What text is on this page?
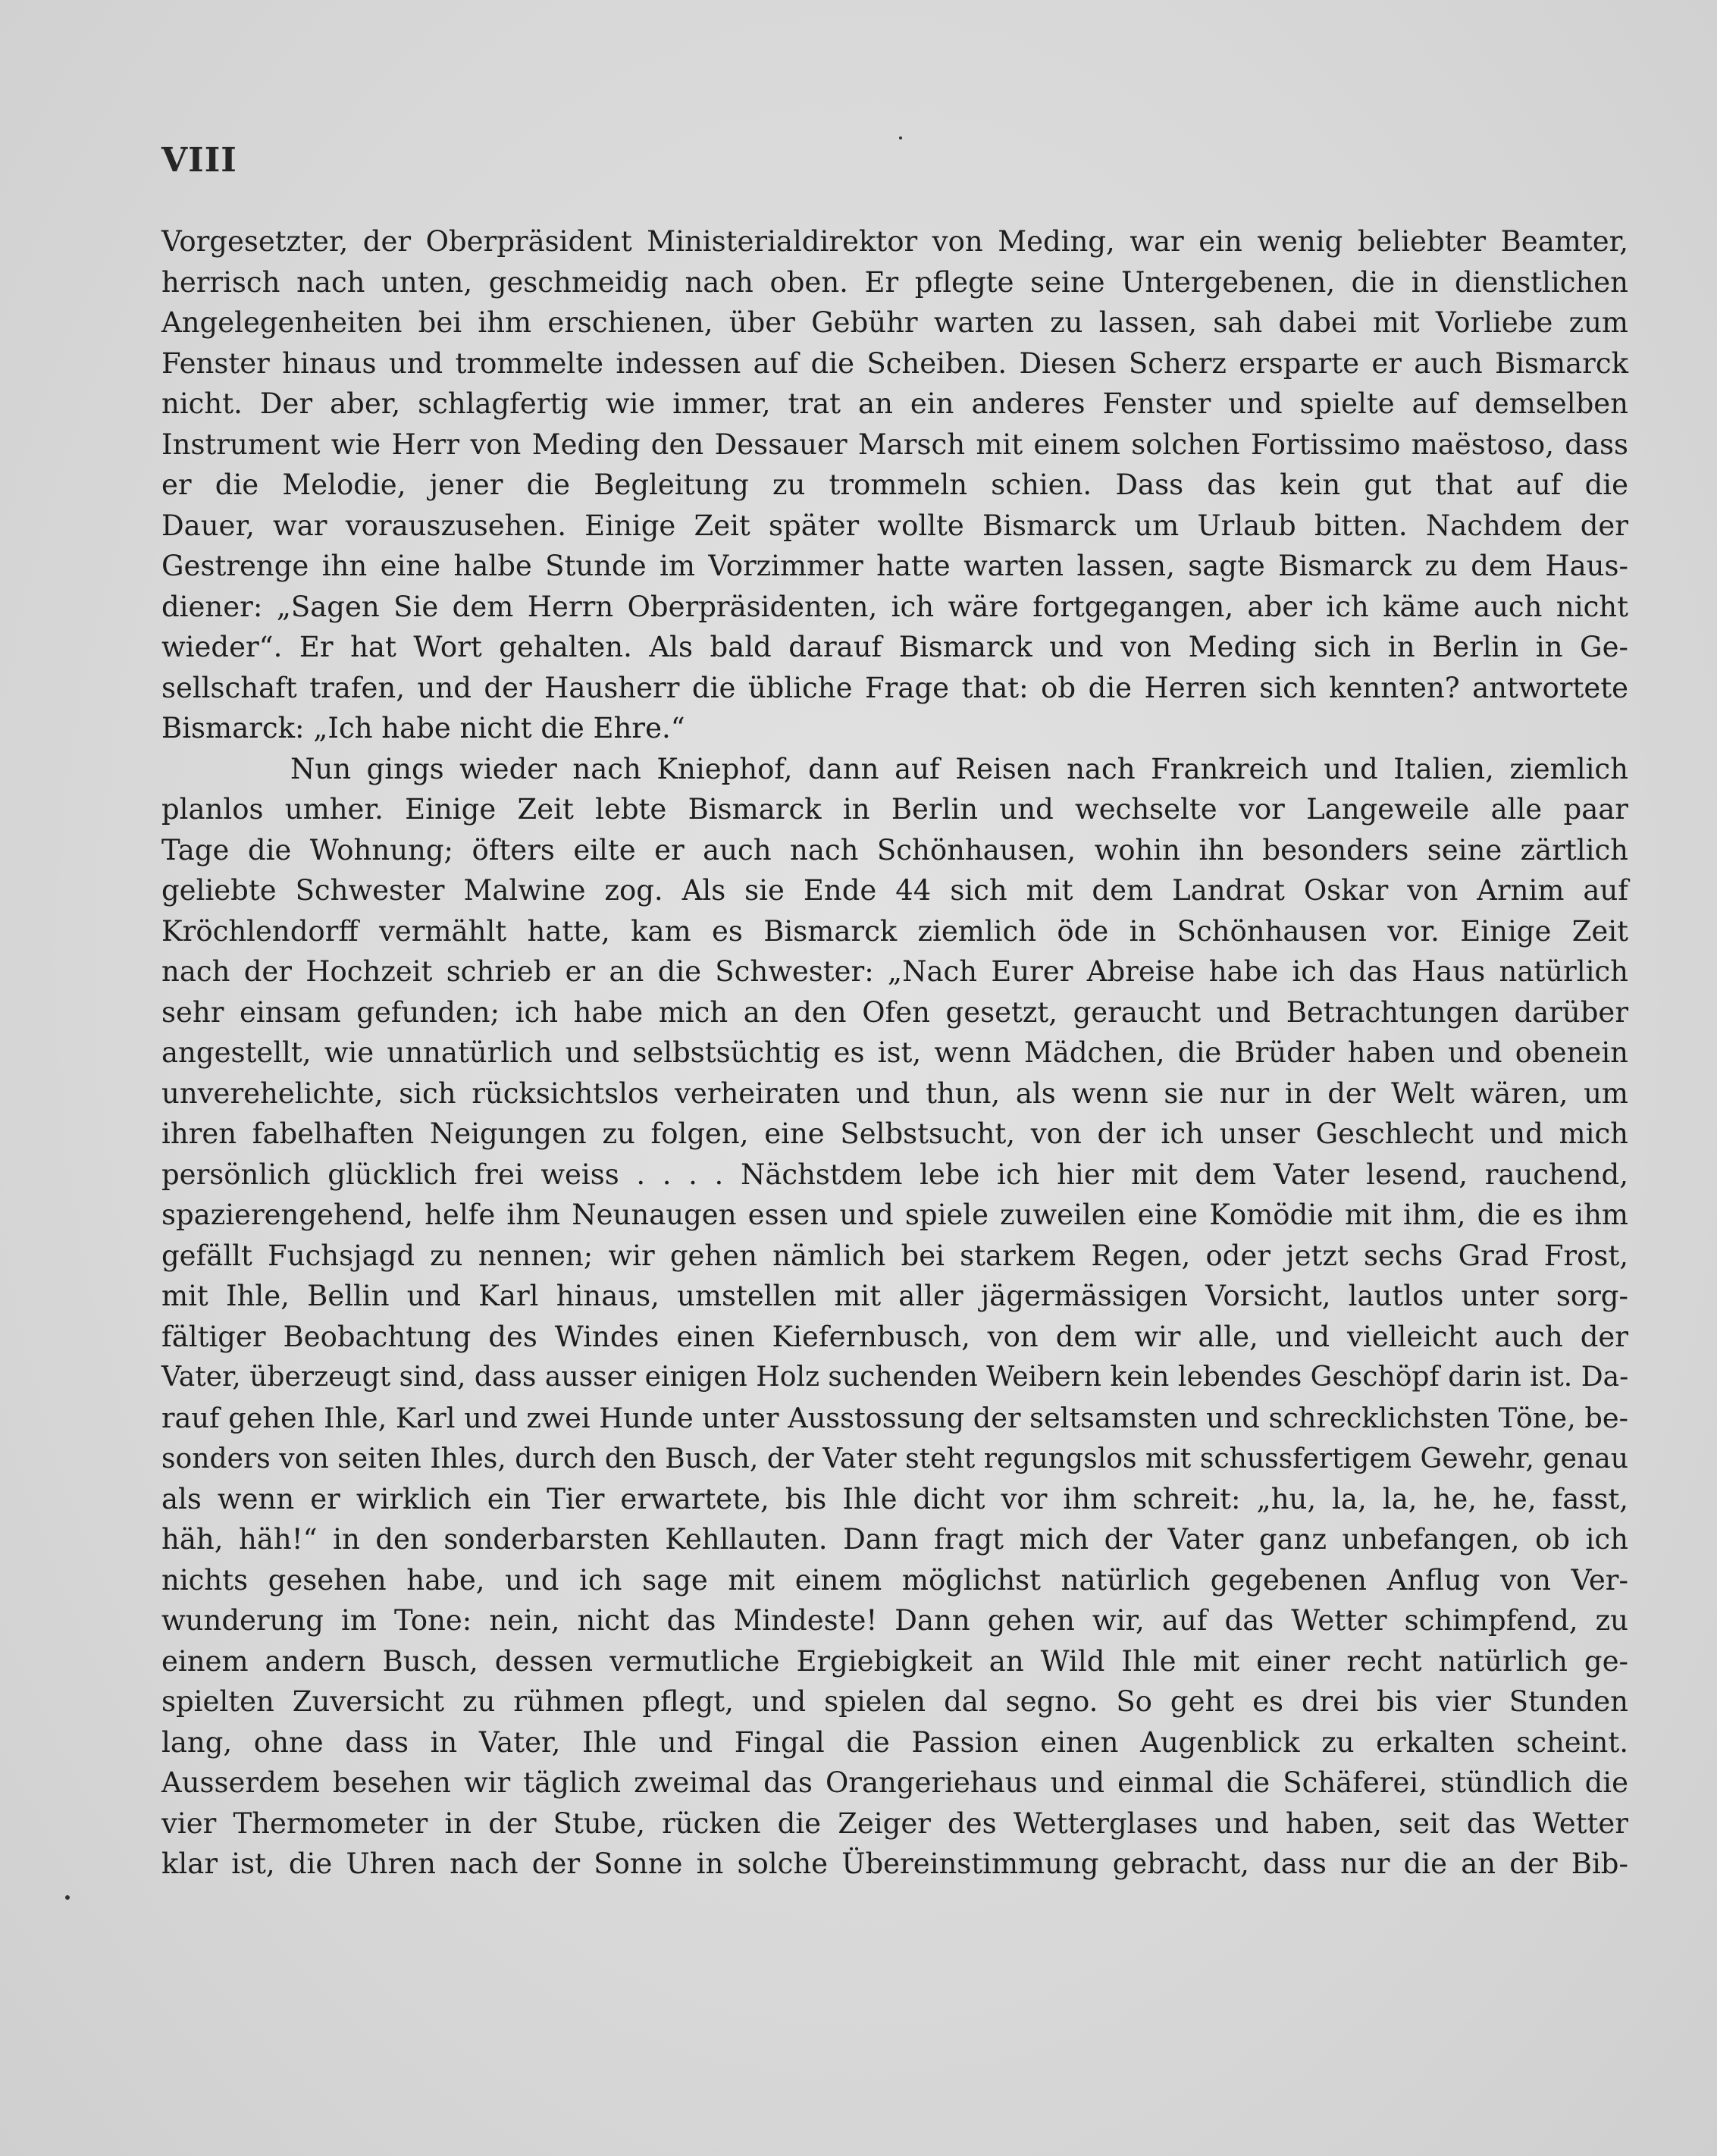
VIII
Vorgesetzter, der Oberpräsident Ministerialdirektor von Meding, war ein wenig beliebter Beamter,
herrisch nach unten, geschmeidig nach oben. Er pflegte seine Untergebenen, die in dienstlichen
Angelegenheiten bei ihm erschienen, über Gebühr warten zu lassen, sah dabei mit Vorliebe zum
Fenster hinaus und trommelte indessen auf die Scheiben. Diesen Scherz ersparte er auch Bismarck
nicht. Der aber, schlagfertig wie immer, trat an ein anderes Fenster und spielte auf demselben
Instrument wie Herr von Meding den Dessauer Marsch mit einem solchen Fortissimo maëstoso, dass
er die Melodie, jener die Begleitung zu trommeln schien. Dass das kein gut that auf die
Dauer, war vorauszusehen. Einige Zeit später wollte Bismarck um Urlaub bitten. Nachdem der
Gestrenge ihn eine halbe Stunde im Vorzimmer hatte warten lassen, sagte Bismarck zu dem Haus-
diener: „Sagen Sie dem Herrn Oberpräsidenten, ich wäre fortgegangen, aber ich käme auch nicht
wieder“. Er hat Wort gehalten. Als bald darauf Bismarck und von Meding sich in Berlin in Ge-
sellschaft trafen, und der Hausherr die übliche Frage that: ob die Herren sich kennten? antwortete
Bismarck: „Ich habe nicht die Ehre.“
Nun gings wieder nach Kniephof, dann auf Reisen nach Frankreich und Italien, ziemlich
planlos umher. Einige Zeit lebte Bismarck in Berlin und wechselte vor Langeweile alle paar
Tage die Wohnung; öfters eilte er auch nach Schönhausen, wohin ihn besonders seine zärtlich
geliebte Schwester Malwine zog. Als sie Ende 44 sich mit dem Landrat Oskar von Arnim auf
Kröchlendorff vermählt hatte, kam es Bismarck ziemlich öde in Schönhausen vor. Einige Zeit
nach der Hochzeit schrieb er an die Schwester: „Nach Eurer Abreise habe ich das Haus natürlich
sehr einsam gefunden; ich habe mich an den Ofen gesetzt, geraucht und Betrachtungen darüber
angestellt, wie unnatürlich und selbstsüchtig es ist, wenn Mädchen, die Brüder haben und obenein
unverehelichte, sich rücksichtslos verheiraten und thun, als wenn sie nur in der Welt wären, um
ihren fabelhaften Neigungen zu folgen, eine Selbstsucht, von der ich unser Geschlecht und mich
persönlich glücklich frei weiss . . . . Nächstdem lebe ich hier mit dem Vater lesend, rauchend,
spazierengehend, helfe ihm Neunaugen essen und spiele zuweilen eine Komödie mit ihm, die es ihm
gefällt Fuchsjagd zu nennen; wir gehen nämlich bei starkem Regen, oder jetzt sechs Grad Frost,
mit Ihle, Bellin und Karl hinaus, umstellen mit aller jägermässigen Vorsicht, lautlos unter sorg-
fältiger Beobachtung des Windes einen Kiefernbusch, von dem wir alle, und vielleicht auch der
Vater, überzeugt sind, dass ausser einigen Holz suchenden Weibern kein lebendes Geschöpf darin ist. Da-
rauf gehen Ihle, Karl und zwei Hunde unter Ausstossung der seltsamsten und schrecklichsten Töne, be-
sonders von seiten Ihles, durch den Busch, der Vater steht regungslos mit schussfertigem Gewehr, genau
als wenn er wirklich ein Tier erwartete, bis Ihle dicht vor ihm schreit: „hu, la, la, he, he, fasst,
häh, häh!“ in den sonderbarsten Kehllauten. Dann fragt mich der Vater ganz unbefangen, ob ich
nichts gesehen habe, und ich sage mit einem möglichst natürlich gegebenen Anflug von Ver-
wunderung im Tone: nein, nicht das Mindeste! Dann gehen wir, auf das Wetter schimpfend, zu
einem andern Busch, dessen vermutliche Ergiebigkeit an Wild Ihle mit einer recht natürlich ge-
spielten Zuversicht zu rühmen pflegt, und spielen dal segno. So geht es drei bis vier Stunden
lang, ohne dass in Vater, Ihle und Fingal die Passion einen Augenblick zu erkalten scheint.
Ausserdem besehen wir täglich zweimal das Orangeriehaus und einmal die Schäferei, stündlich die
vier Thermometer in der Stube, rücken die Zeiger des Wetterglases und haben, seit das Wetter
klar ist, die Uhren nach der Sonne in solche Übereinstimmung gebracht, dass nur die an der Bib-
